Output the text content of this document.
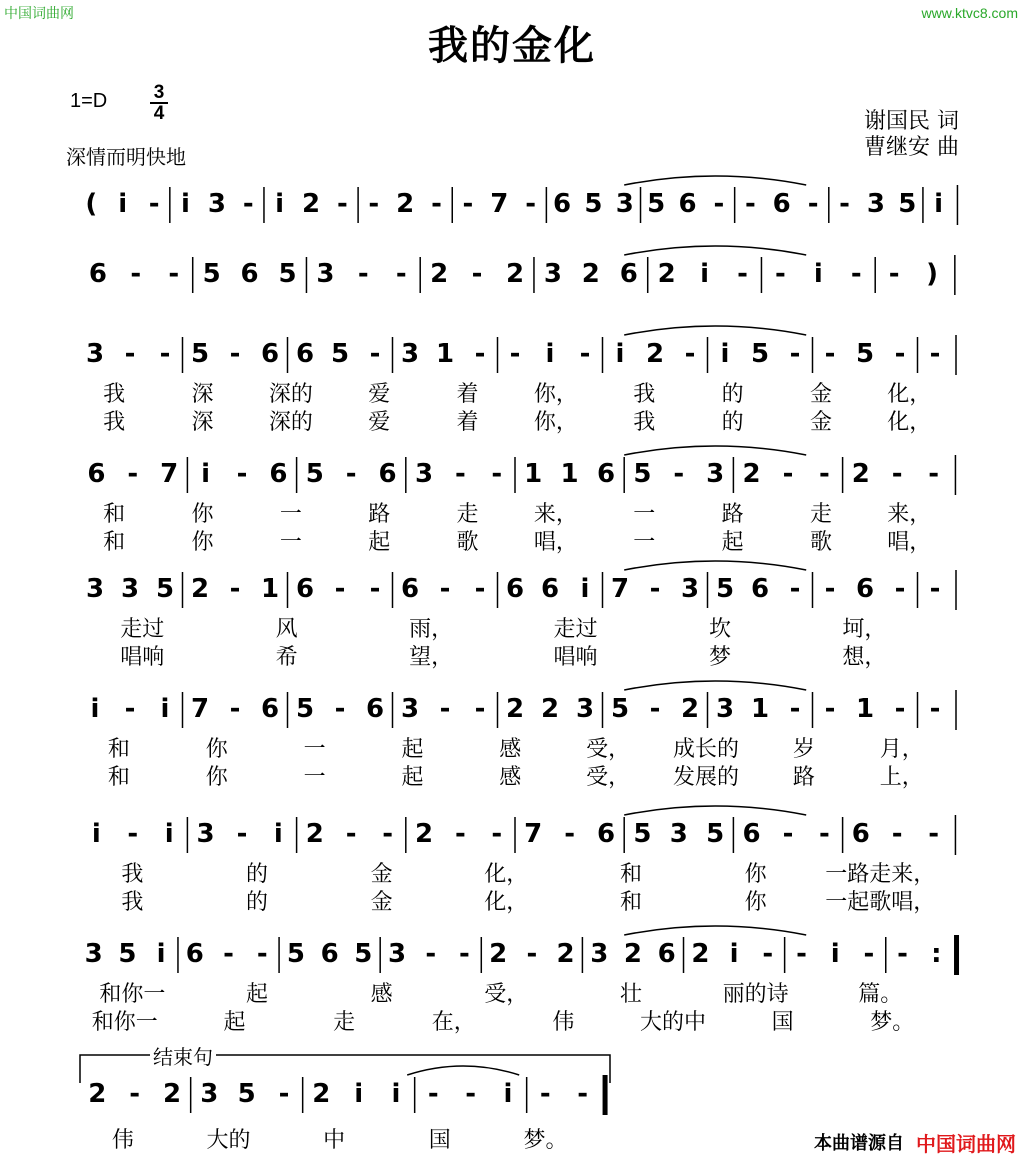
中国词曲网	www.ktvc8.com
我的金化
1=D	3
4
深情而明快地
谢国民 词
曹继安 曲
( i - i 3 - i 2 - - 2 - - 7 - 6 5 3 5 6 - - 6 - - 3 5 i
6 - - 5 6 5 3 - - 2 - 2 3 2 6 2 i - - i - - )
3 - - 5 - 6 6 5 - 3 1 - - i - i 2 - i 5 - - 5 - -
我	深	深的	爱	着	你，	我	的	金	化，
我	深	深的	爱	着	你，	我	的	金	化，
6 - 7 i - 6 5 - 6 3 - - 1 1 6 5 - 3 2 - - 2 - -
和	你	一	路	走	来，	一	路	走	来，
和	你	一	起	歌	唱，	一	起	歌	唱，
3 3 5 2 - 1 6 - - 6 - - 6 6 i 7 - 3 5 6 - - 6 - -
走过	风	雨，	走过	坎	坷，
唱响	希	望，	唱响	梦	想，
i - i 7 - 6 5 - 6 3 - - 2 2 3 5 - 2 3 1 - - 1 - -
和	你	一	起	感	受， 成长的 岁	月，
和	你	一	起	感	受， 发展的 路	上，
i - i 3 - i 2 - - 2 - - 7 - 6 5 3 5 6 - - 6 - -
我	的	金	化，	和	你	一路走来，
我	的	金	化，	和	你	一起歌唱，
3 5 i 6 - - 5 6 5 3 - - 2 - 2 3 2 6 2 i - - i - - :
和你一	起	感	受，	壮	丽的诗	篇。
和你一	起	走	在，	伟	大的中	国	梦。
2 - 2 3 5 - 2 i i - - i - -
伟	大的	中	国	梦。
结束句
本曲谱源自 中国词曲网
